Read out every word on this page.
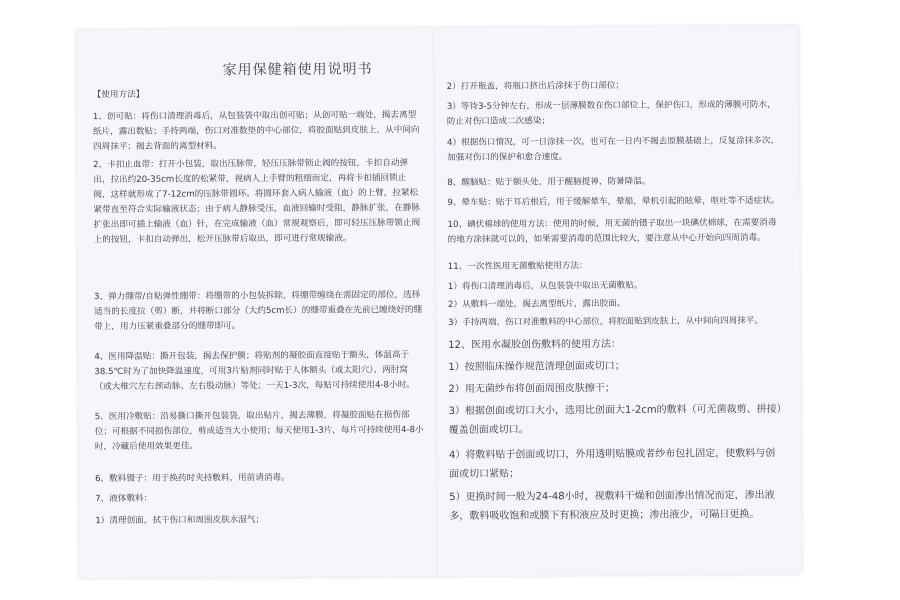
家用保健箱使用说明书

【使用方法】

1、创可贴：将伤口清理消毒后，从包装袋中取出创可贴；从创可贴一端处，揭去离型纸片，露出数贴；手持两端，伤口对准数垫的中心部位，将胶面贴到皮肤上，从中间向四周抹平；揭去背面的离型材料。

2、卡扣止血带：打开小包装，取出压脉带，轻压压脉带锁止阀的按钮，卡扣自动弹出，拉出约20-35cm长度的松紧带，视病人上手臂的粗细而定，再将卡扣插回锁止阀，这样就形成了7-12cm的压脉带圆环。将圆环套入病人输液（血）的上臂，拉紧松紧带直至符合实际输液状态；由于病人静脉受压，血液回输时受阻，静脉扩张，在静脉扩张出即可插上输液（血）针，在完成输液（血）常规观察后，即可轻压压脉带锁止阀上的按钮，卡扣自动弹出，松开压脉带后取出，即可进行常规输液。

3、弹力绷带/自粘弹性绷带：将绷带的小包装拆除，将绷带缠绕在需固定的部位，选择适当的长度拉（剪）断，并将断口部分（大约5cm长）的绷带重叠在先前已缠绕好的绷带上，用力压紧重叠部分的绷带即可。

4、医用降温贴：撕开包装，揭去保护膜；将贴剂的凝胶面直接贴于额头，体温高于38.5℃时为了加快降温速度，可用3片贴剂同时贴于人体额头（或太阳穴）、两肘窝（或大椎穴左右颈动脉、左右股动脉）等处；一天1-3次，每贴可持续使用4-8小时。

5、医用冷敷贴：沿易撕口撕开包装袋，取出贴片，揭去薄膜，将凝胶面贴在损伤部位；可根据不同损伤部位，剪成适当大小使用；每天使用1-3片，每片可持续使用4-8小时，冷藏后使用效果更佳。

6、敷料镊子：用于换药时夹持敷料，用前请消毒。

7、液体敷料：

1）清理创面，拭干伤口和周围皮肤水湿气；

2）打开瓶盖，将瓶口挤出后涂抹于伤口部位；

3）等待3-5分钟左右，形成一层薄膜数在伤口部位上，保护伤口，形成的薄膜可防水，防止对伤口造成二次感染；

4）根据伤口情况，可一日涂抹一次，也可在一日内不揭去原膜基础上，反复涂抹多次，加强对伤口的保护和愈合速度。

8、醒脑贴：贴于额头处，用于醒脑提神，防暑降温。

9、晕车贴：贴于耳后根后，用于缓解晕车，晕船，晕机引起的眩晕，呕吐等不适症状。

10、碘伏棉球的使用方法：使用的时候，用无菌的镊子取出一块碘伏棉球，在需要消毒的地方涂抹就可以的，如果需要消毒的范围比较大，要注意从中心开始向四周消毒。

11、一次性医用无菌敷贴使用方法：

1）将伤口清理消毒后，从包装袋中取出无菌敷贴。

2）从敷料一端处，揭去离型纸片，露出胶面。

3）手持两端，伤口对准敷料的中心部位，将胶面贴到皮肤上，从中间向四周抹平。

12、医用水凝胶创伤敷料的使用方法：

1）按照临床操作规范清理创面或切口；

2）用无菌纱布将创面周围皮肤擦干；

3）根据创面或切口大小，选用比创面大1-2cm的敷料（可无菌裁剪、拼接）覆盖创面或切口。

4）将敷料贴于创面或切口，外用透明贴膜或者纱布包扎固定，使敷料与创面或切口紧贴；

5）更换时间一般为24-48小时，视敷料干燥和创面渗出情况而定，渗出液多，敷料吸收饱和或膜下有积液应及时更换；渗出液少，可隔日更换。
